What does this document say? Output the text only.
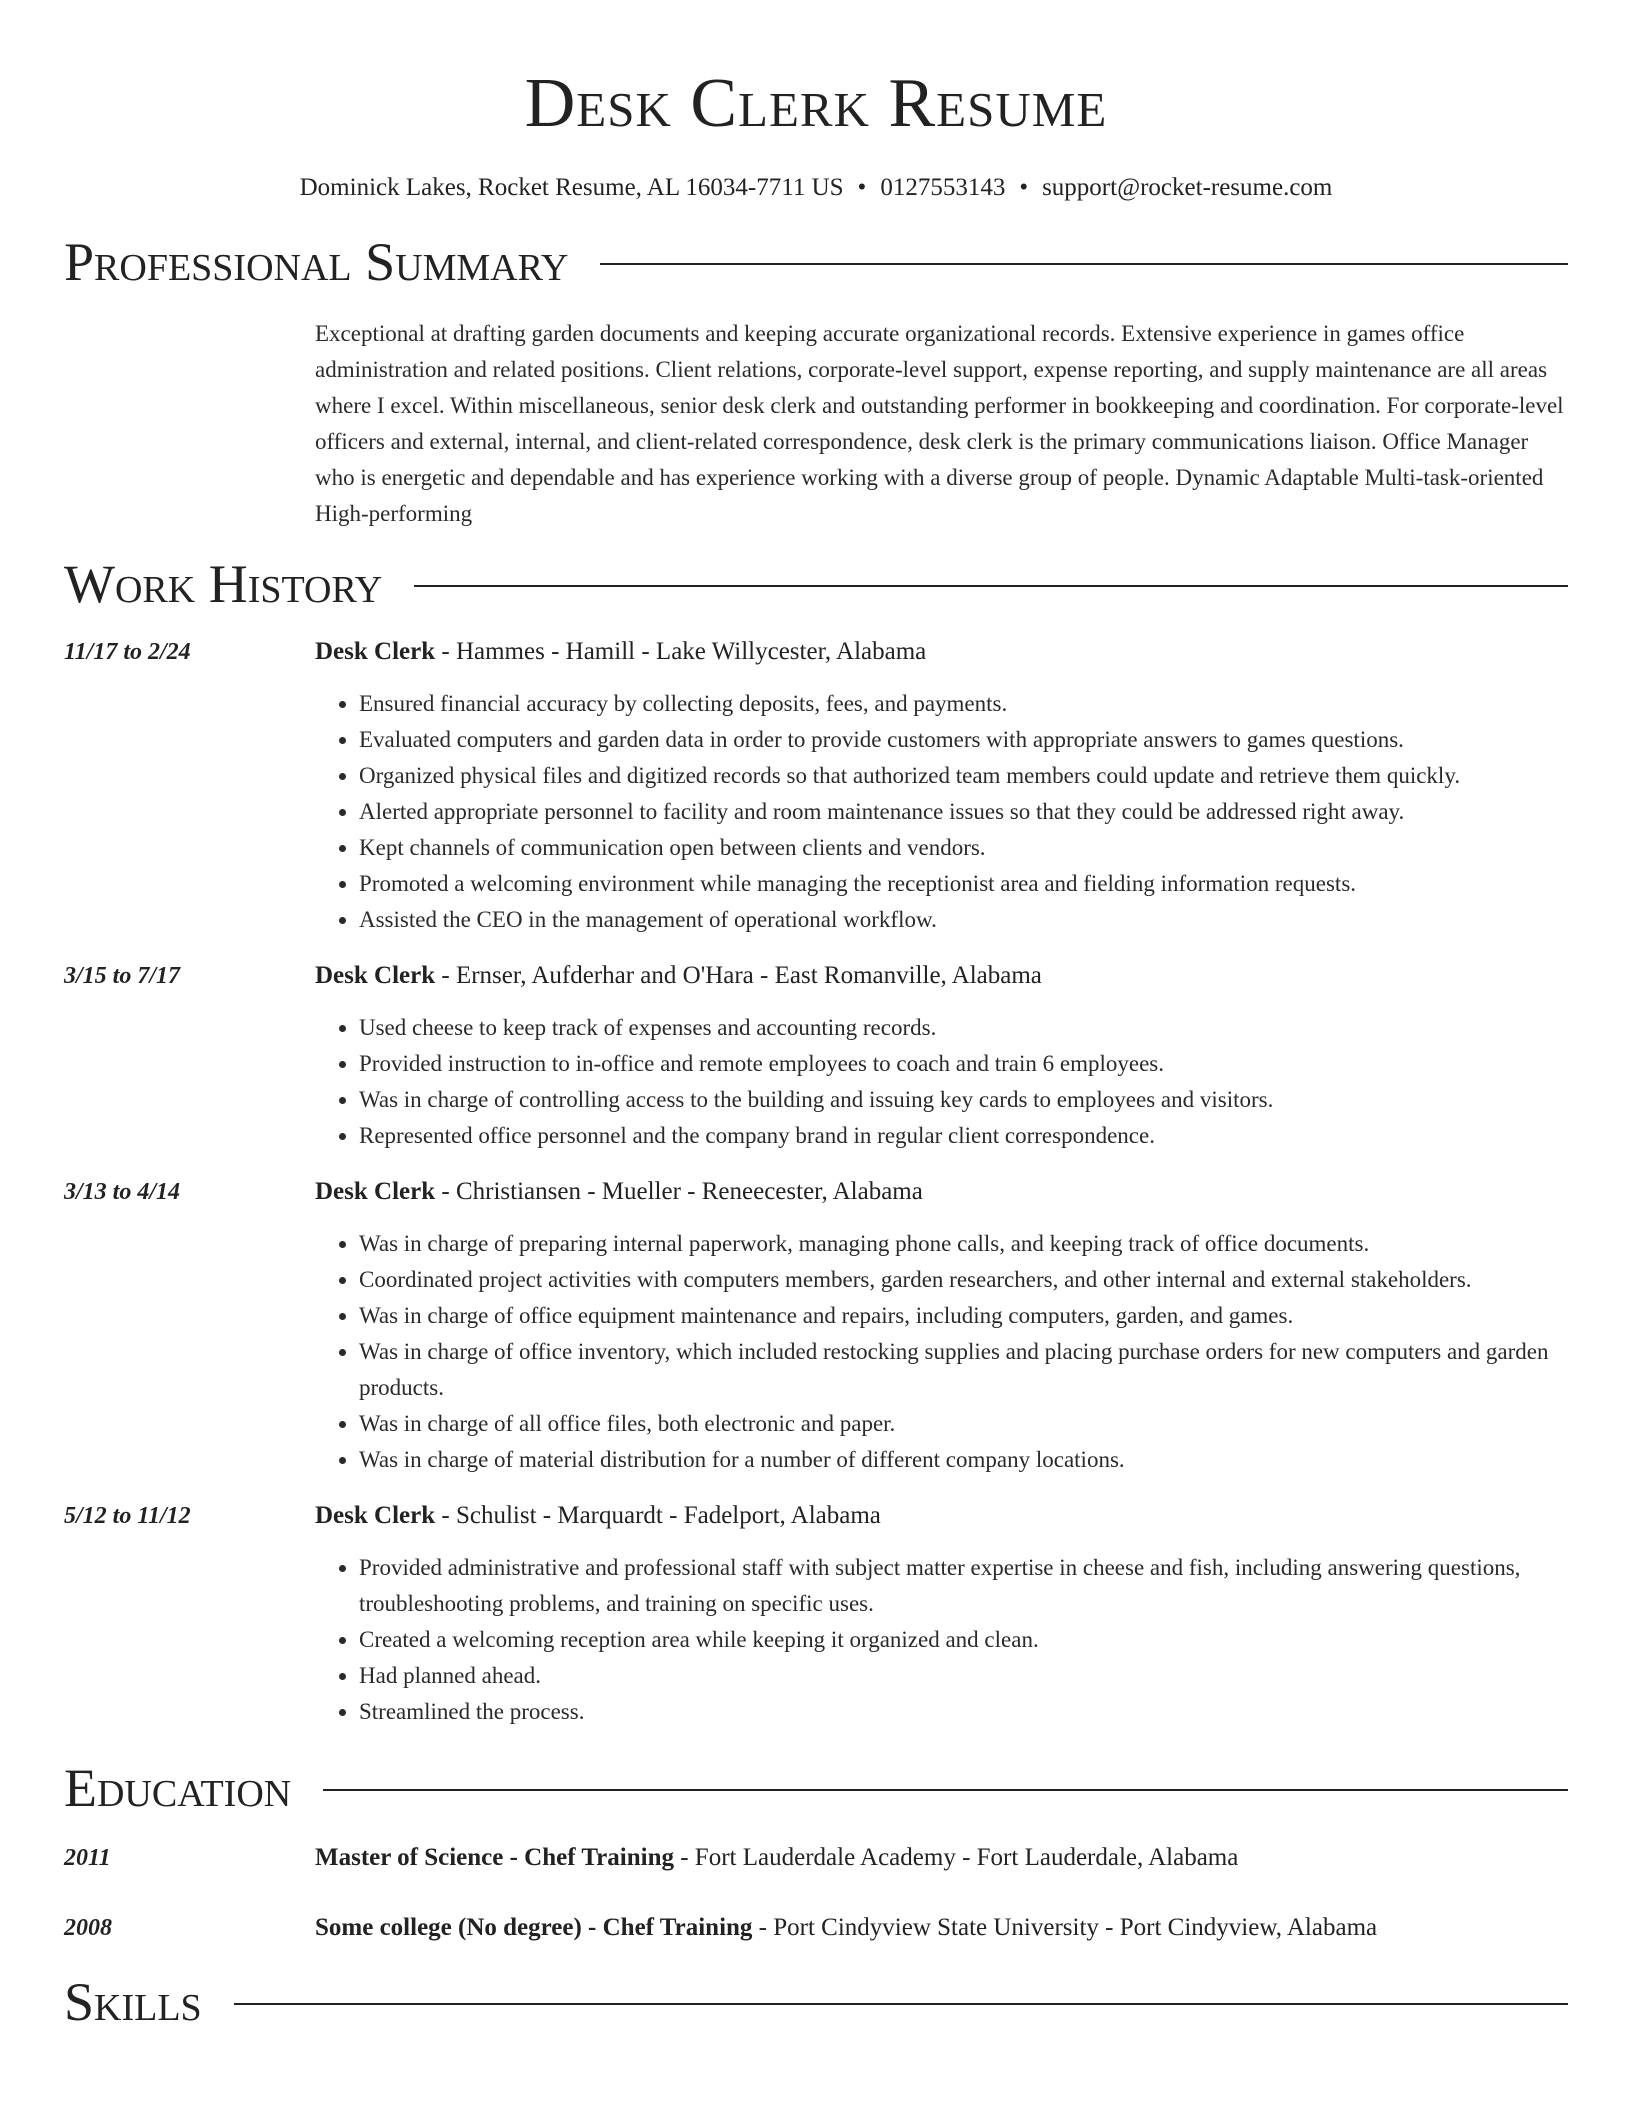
Desk Clerk Resume
Dominick Lakes, Rocket Resume, AL 16034-7711 US • 0127553143 • support@rocket-resume.com
Professional Summary
Exceptional at drafting garden documents and keeping accurate organizational records. Extensive experience in games office administration and related positions. Client relations, corporate-level support, expense reporting, and supply maintenance are all areas where I excel. Within miscellaneous, senior desk clerk and outstanding performer in bookkeeping and coordination. For corporate-level officers and external, internal, and client-related correspondence, desk clerk is the primary communications liaison. Office Manager who is energetic and dependable and has experience working with a diverse group of people. Dynamic Adaptable Multi-task-oriented High-performing
Work History
11/17 to 2/24	Desk Clerk - Hammes - Hamill - Lake Willycester, Alabama
• Ensured financial accuracy by collecting deposits, fees, and payments.
• Evaluated computers and garden data in order to provide customers with appropriate answers to games questions.
• Organized physical files and digitized records so that authorized team members could update and retrieve them quickly.
• Alerted appropriate personnel to facility and room maintenance issues so that they could be addressed right away.
• Kept channels of communication open between clients and vendors.
• Promoted a welcoming environment while managing the receptionist area and fielding information requests.
• Assisted the CEO in the management of operational workflow.
3/15 to 7/17	Desk Clerk - Ernser, Aufderhar and O'Hara - East Romanville, Alabama
• Used cheese to keep track of expenses and accounting records.
• Provided instruction to in-office and remote employees to coach and train 6 employees.
• Was in charge of controlling access to the building and issuing key cards to employees and visitors.
• Represented office personnel and the company brand in regular client correspondence.
3/13 to 4/14	Desk Clerk - Christiansen - Mueller - Reneecester, Alabama
• Was in charge of preparing internal paperwork, managing phone calls, and keeping track of office documents.
• Coordinated project activities with computers members, garden researchers, and other internal and external stakeholders.
• Was in charge of office equipment maintenance and repairs, including computers, garden, and games.
• Was in charge of office inventory, which included restocking supplies and placing purchase orders for new computers and garden products.
• Was in charge of all office files, both electronic and paper.
• Was in charge of material distribution for a number of different company locations.
5/12 to 11/12	Desk Clerk - Schulist - Marquardt - Fadelport, Alabama
• Provided administrative and professional staff with subject matter expertise in cheese and fish, including answering questions, troubleshooting problems, and training on specific uses.
• Created a welcoming reception area while keeping it organized and clean.
• Had planned ahead.
• Streamlined the process.
Education
2011	Master of Science - Chef Training - Fort Lauderdale Academy - Fort Lauderdale, Alabama
2008	Some college (No degree) - Chef Training - Port Cindyview State University - Port Cindyview, Alabama
Skills
